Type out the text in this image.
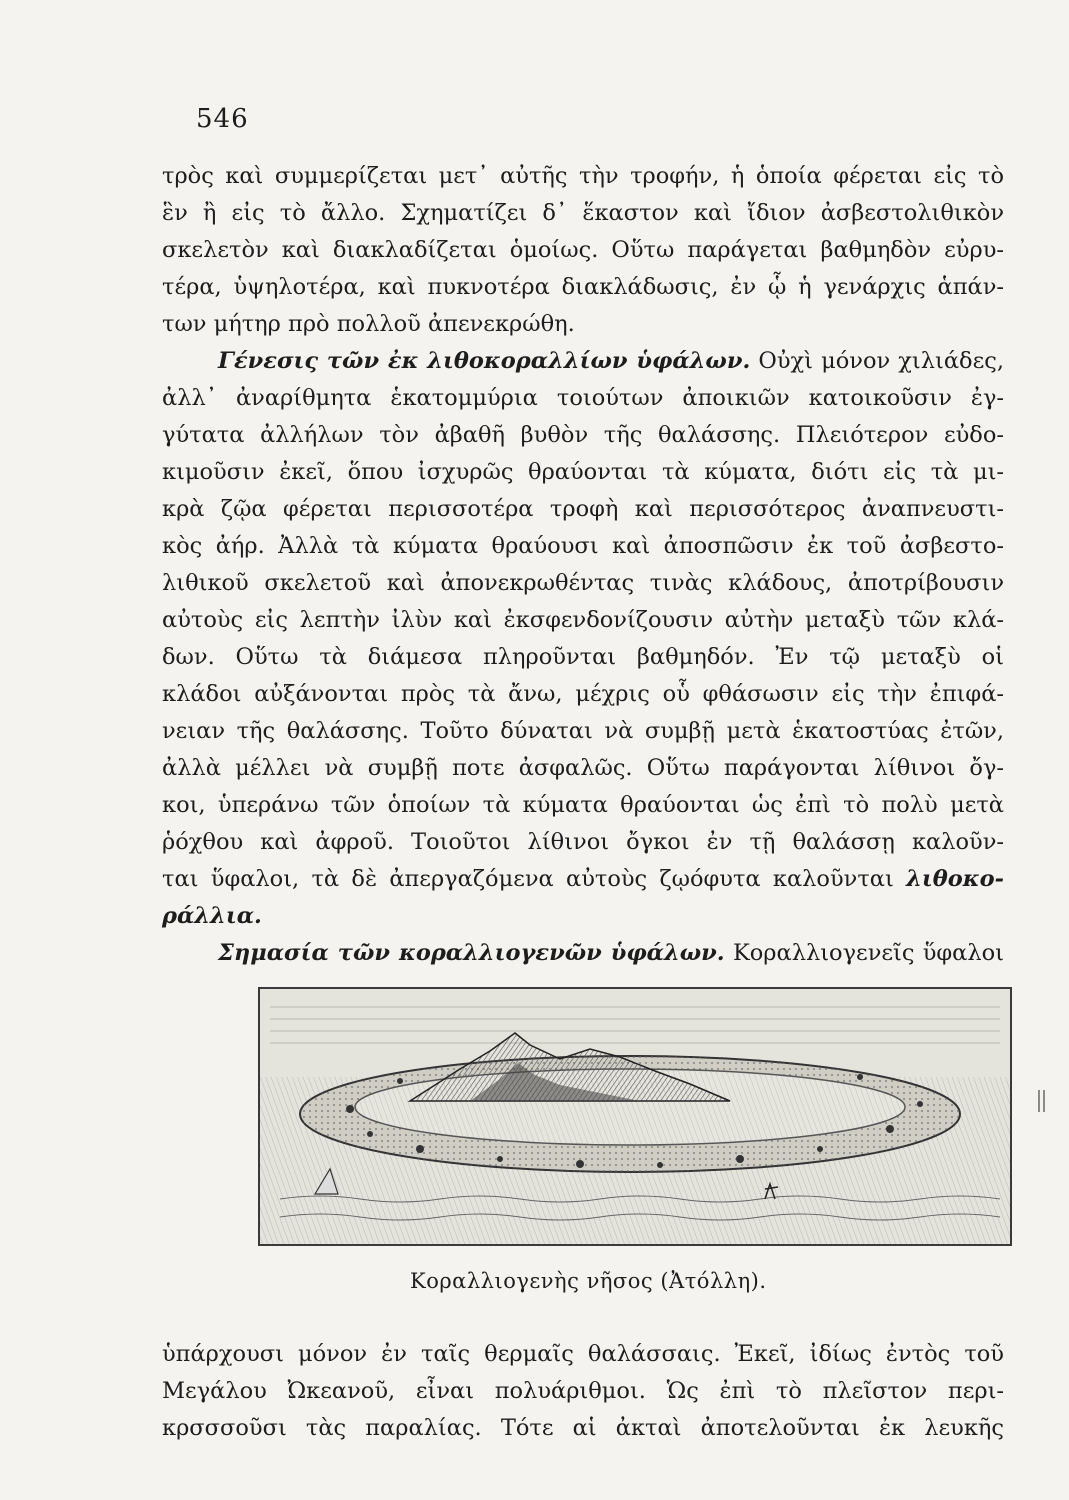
546
τρὸς καὶ συμμερίζεται μετ᾽ αὐτῆς τὴν τροφήν, ἡ ὁποία φέρεται εἰς τὸ
ἓν ἢ εἰς τὸ ἄλλο. Σχηματίζει δ᾽ ἕκαστον καὶ ἴδιον ἀσβεστολιθικὸν
σκελετὸν καὶ διακλαδίζεται ὁμοίως. Οὕτω παράγεται βαθμηδὸν εὐρυ-
τέρα, ὑψηλοτέρα, καὶ πυκνοτέρα διακλάδωσις, ἐν ᾧ ἡ γενάρχις ἁπάν-
των μήτηρ πρὸ πολλοῦ ἀπενεκρώθη.
Γένεσις τῶν ἐκ λιθοκοραλλίων ὑφάλων. Οὐχὶ μόνον χιλιάδες,
ἀλλ᾽ ἀναρίθμητα ἑκατομμύρια τοιούτων ἀποικιῶν κατοικοῦσιν ἐγ-
γύτατα ἀλλήλων τὸν ἀβαθῆ βυθὸν τῆς θαλάσσης. Πλειότερον εὐδο-
κιμοῦσιν ἐκεῖ, ὅπου ἰσχυρῶς θραύονται τὰ κύματα, διότι εἰς τὰ μι-
κρὰ ζῷα φέρεται περισσοτέρα τροφὴ καὶ περισσότερος ἀναπνευστι-
κὸς ἀήρ. Ἀλλὰ τὰ κύματα θραύουσι καὶ ἀποσπῶσιν ἐκ τοῦ ἀσβεστο-
λιθικοῦ σκελετοῦ καὶ ἀπονεκρωθέντας τινὰς κλάδους, ἀποτρίβουσιν
αὐτοὺς εἰς λεπτὴν ἰλὺν καὶ ἐκσφενδονίζουσιν αὐτὴν μεταξὺ τῶν κλά-
δων. Οὕτω τὰ διάμεσα πληροῦνται βαθμηδόν. Ἐν τῷ μεταξὺ οἱ
κλάδοι αὐξάνονται πρὸς τὰ ἄνω, μέχρις οὗ φθάσωσιν εἰς τὴν ἐπιφά-
νειαν τῆς θαλάσσης. Τοῦτο δύναται νὰ συμβῇ μετὰ ἑκατοστύας ἐτῶν,
ἀλλὰ μέλλει νὰ συμβῇ ποτε ἀσφαλῶς. Οὕτω παράγονται λίθινοι ὄγ-
κοι, ὑπεράνω τῶν ὁποίων τὰ κύματα θραύονται ὡς ἐπὶ τὸ πολὺ μετὰ
ῥόχθου καὶ ἀφροῦ. Τοιοῦτοι λίθινοι ὄγκοι ἐν τῇ θαλάσσῃ καλοῦν-
ται ὕφαλοι, τὰ δὲ ἀπεργαζόμενα αὐτοὺς ζῳόφυτα καλοῦνται λιθοκο-
ράλλια.
Σημασία τῶν κοραλλιογενῶν ὑφάλων. Κοραλλιογενεῖς ὕφαλοι
Κοραλλιογενὴς νῆσος (Ἀτόλλη).
ὑπάρχουσι μόνον ἐν ταῖς θερμαῖς θαλάσσαις. Ἐκεῖ, ἰδίως ἐντὸς τοῦ
Μεγάλου Ὠκεανοῦ, εἶναι πολυάριθμοι. Ὡς ἐπὶ τὸ πλεῖστον περι-
κρσσσοῦσι τὰς παραλίας. Τότε αἱ ἀκταὶ ἀποτελοῦνται ἐκ λευκῆς
